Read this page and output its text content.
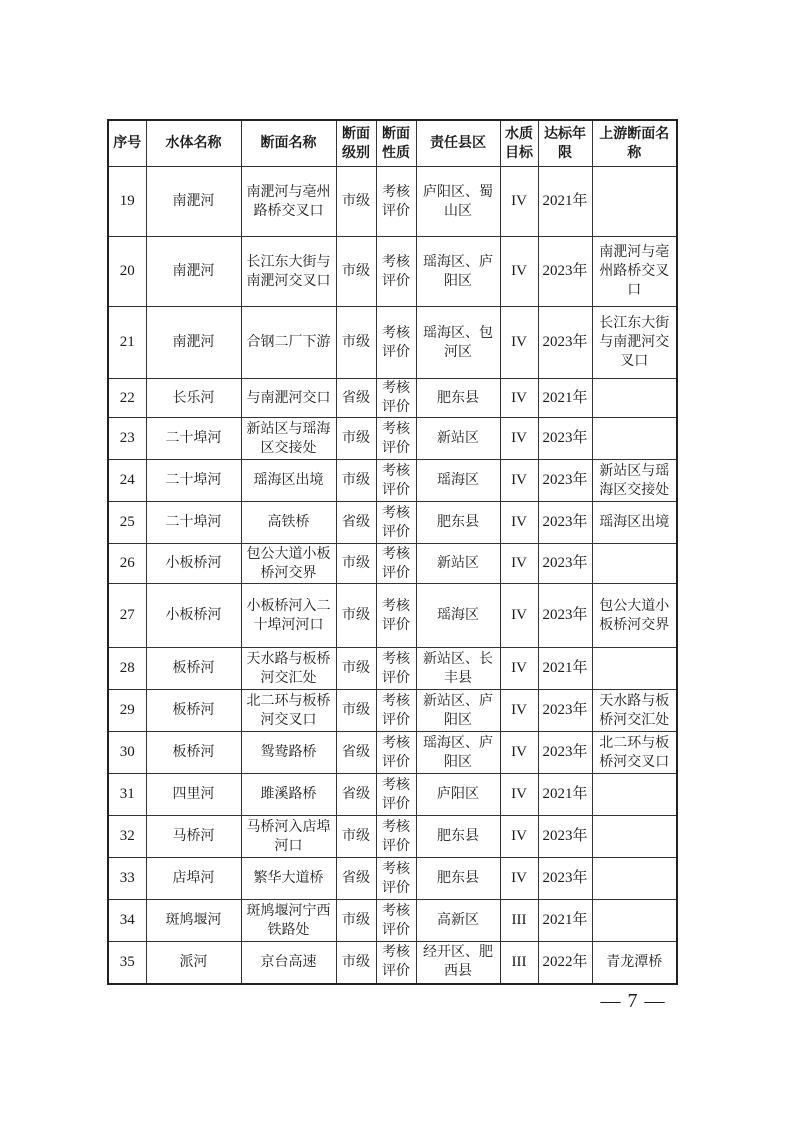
序号	水体名称	断面名称	断面级别	断面性质	责任县区	水质目标	达标年限	上游断面名称
19	南淝河	南淝河与亳州路桥交叉口	市级	考核评价	庐阳区、蜀山区	IV	2021年	
20	南淝河	长江东大街与南淝河交叉口	市级	考核评价	瑶海区、庐阳区	IV	2023年	南淝河与亳州路桥交叉口
21	南淝河	合钢二厂下游	市级	考核评价	瑶海区、包河区	IV	2023年	长江东大街与南淝河交叉口
22	长乐河	与南淝河交口	省级	考核评价	肥东县	IV	2021年	
23	二十埠河	新站区与瑶海区交接处	市级	考核评价	新站区	IV	2023年	
24	二十埠河	瑶海区出境	市级	考核评价	瑶海区	IV	2023年	新站区与瑶海区交接处
25	二十埠河	高铁桥	省级	考核评价	肥东县	IV	2023年	瑶海区出境
26	小板桥河	包公大道小板桥河交界	市级	考核评价	新站区	IV	2023年	
27	小板桥河	小板桥河入二十埠河河口	市级	考核评价	瑶海区	IV	2023年	包公大道小板桥河交界
28	板桥河	天水路与板桥河交汇处	市级	考核评价	新站区、长丰县	IV	2021年	
29	板桥河	北二环与板桥河交叉口	市级	考核评价	新站区、庐阳区	IV	2023年	天水路与板桥河交汇处
30	板桥河	鸳鸯路桥	省级	考核评价	瑶海区、庐阳区	IV	2023年	北二环与板桥河交叉口
31	四里河	雎溪路桥	省级	考核评价	庐阳区	IV	2021年	
32	马桥河	马桥河入店埠河口	市级	考核评价	肥东县	IV	2023年	
33	店埠河	繁华大道桥	省级	考核评价	肥东县	IV	2023年	
34	斑鸠堰河	斑鸠堰河宁西铁路处	市级	考核评价	高新区	III	2021年	
35	派河	京台高速	市级	考核评价	经开区、肥西县	III	2022年	青龙潭桥
— 7 —
